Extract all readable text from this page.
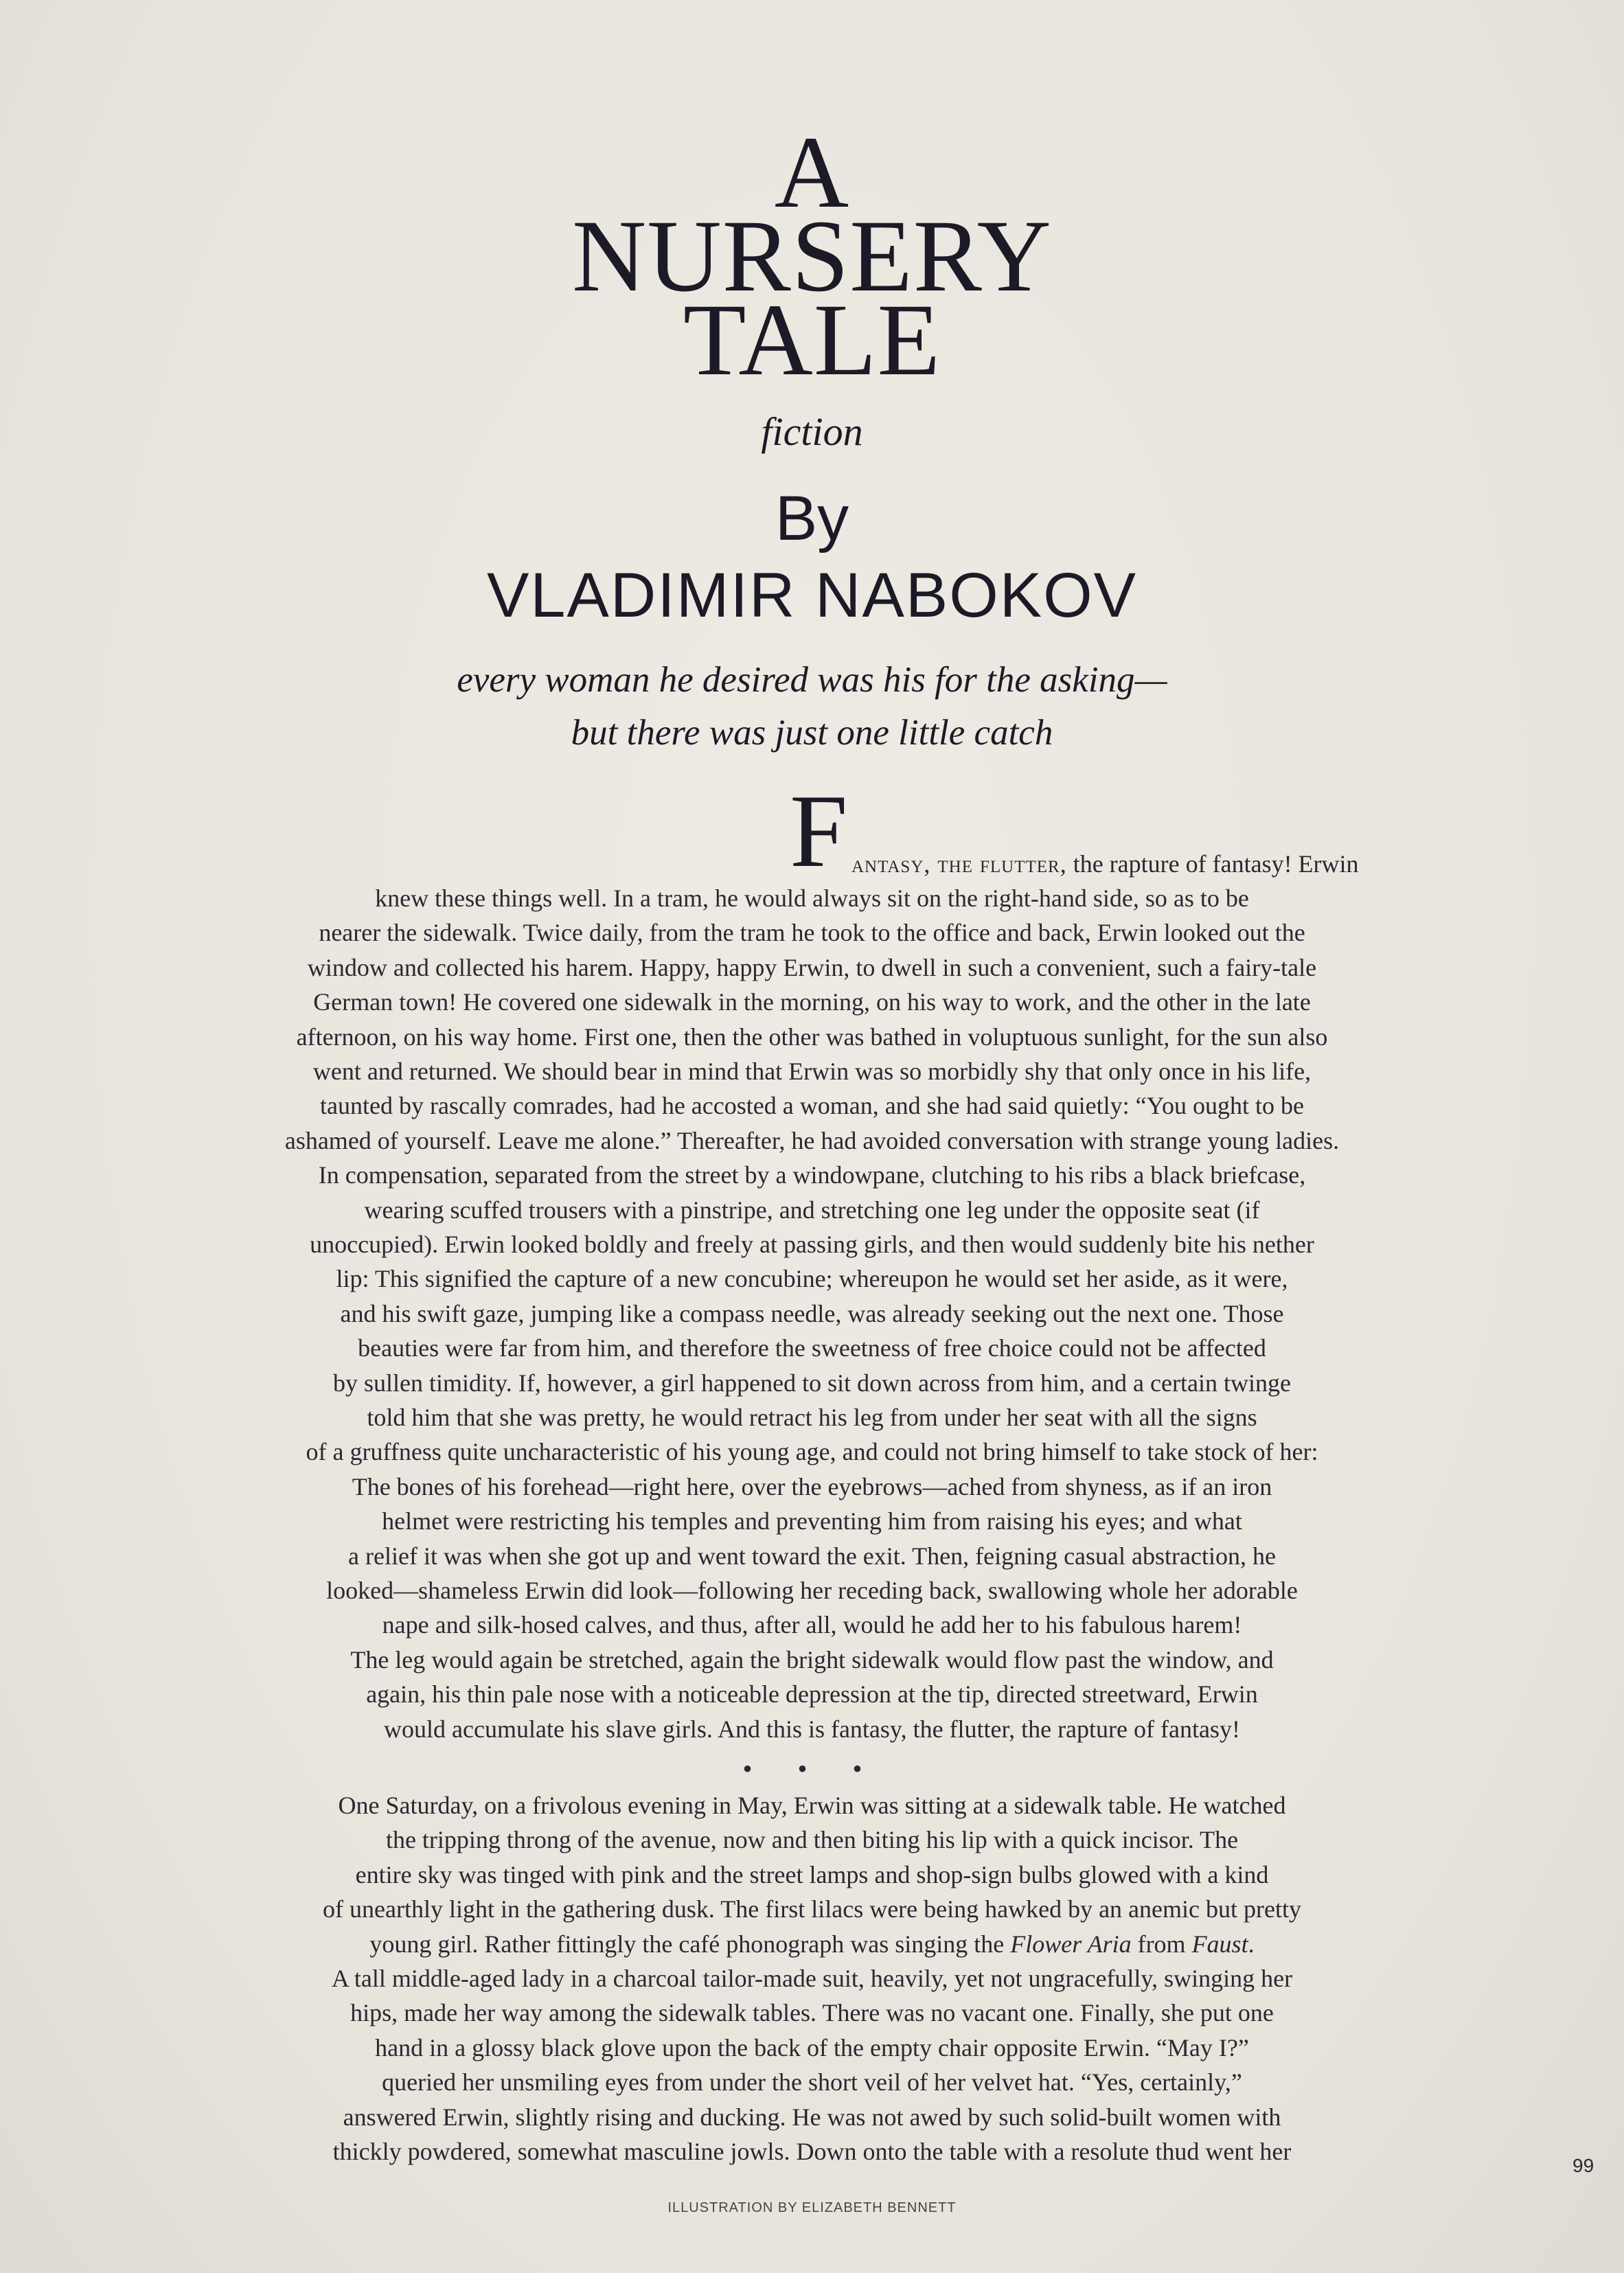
A
NURSERY
TALE
fiction
By
VLADIMIR NABOKOV
every woman he desired was his for the asking—
but there was just one little catch
F antasy, the flutter, the rapture of fantasy! Erwin
knew these things well. In a tram, he would always sit on the right-hand side, so as to be
nearer the sidewalk. Twice daily, from the tram he took to the office and back, Erwin looked out the
window and collected his harem. Happy, happy Erwin, to dwell in such a convenient, such a fairy-tale
German town! He covered one sidewalk in the morning, on his way to work, and the other in the late
afternoon, on his way home. First one, then the other was bathed in voluptuous sunlight, for the sun also
went and returned. We should bear in mind that Erwin was so morbidly shy that only once in his life,
taunted by rascally comrades, had he accosted a woman, and she had said quietly: “You ought to be
ashamed of yourself. Leave me alone.” Thereafter, he had avoided conversation with strange young ladies.
In compensation, separated from the street by a windowpane, clutching to his ribs a black briefcase,
wearing scuffed trousers with a pinstripe, and stretching one leg under the opposite seat (if
unoccupied). Erwin looked boldly and freely at passing girls, and then would suddenly bite his nether
lip: This signified the capture of a new concubine; whereupon he would set her aside, as it were,
and his swift gaze, jumping like a compass needle, was already seeking out the next one. Those
beauties were far from him, and therefore the sweetness of free choice could not be affected
by sullen timidity. If, however, a girl happened to sit down across from him, and a certain twinge
told him that she was pretty, he would retract his leg from under her seat with all the signs
of a gruffness quite uncharacteristic of his young age, and could not bring himself to take stock of her:
The bones of his forehead—right here, over the eyebrows—ached from shyness, as if an iron
helmet were restricting his temples and preventing him from raising his eyes; and what
a relief it was when she got up and went toward the exit. Then, feigning casual abstraction, he
looked—shameless Erwin did look—following her receding back, swallowing whole her adorable
nape and silk-hosed calves, and thus, after all, would he add her to his fabulous harem!
The leg would again be stretched, again the bright sidewalk would flow past the window, and
again, his thin pale nose with a noticeable depression at the tip, directed streetward, Erwin
would accumulate his slave girls. And this is fantasy, the flutter, the rapture of fantasy!
• • •
One Saturday, on a frivolous evening in May, Erwin was sitting at a sidewalk table. He watched
the tripping throng of the avenue, now and then biting his lip with a quick incisor. The
entire sky was tinged with pink and the street lamps and shop-sign bulbs glowed with a kind
of unearthly light in the gathering dusk. The first lilacs were being hawked by an anemic but pretty
young girl. Rather fittingly the café phonograph was singing the Flower Aria from Faust.
A tall middle-aged lady in a charcoal tailor-made suit, heavily, yet not ungracefully, swinging her
hips, made her way among the sidewalk tables. There was no vacant one. Finally, she put one
hand in a glossy black glove upon the back of the empty chair opposite Erwin. “May I?”
queried her unsmiling eyes from under the short veil of her velvet hat. “Yes, certainly,”
answered Erwin, slightly rising and ducking. He was not awed by such solid-built women with
thickly powdered, somewhat masculine jowls. Down onto the table with a resolute thud went her
99
ILLUSTRATION BY ELIZABETH BENNETT
